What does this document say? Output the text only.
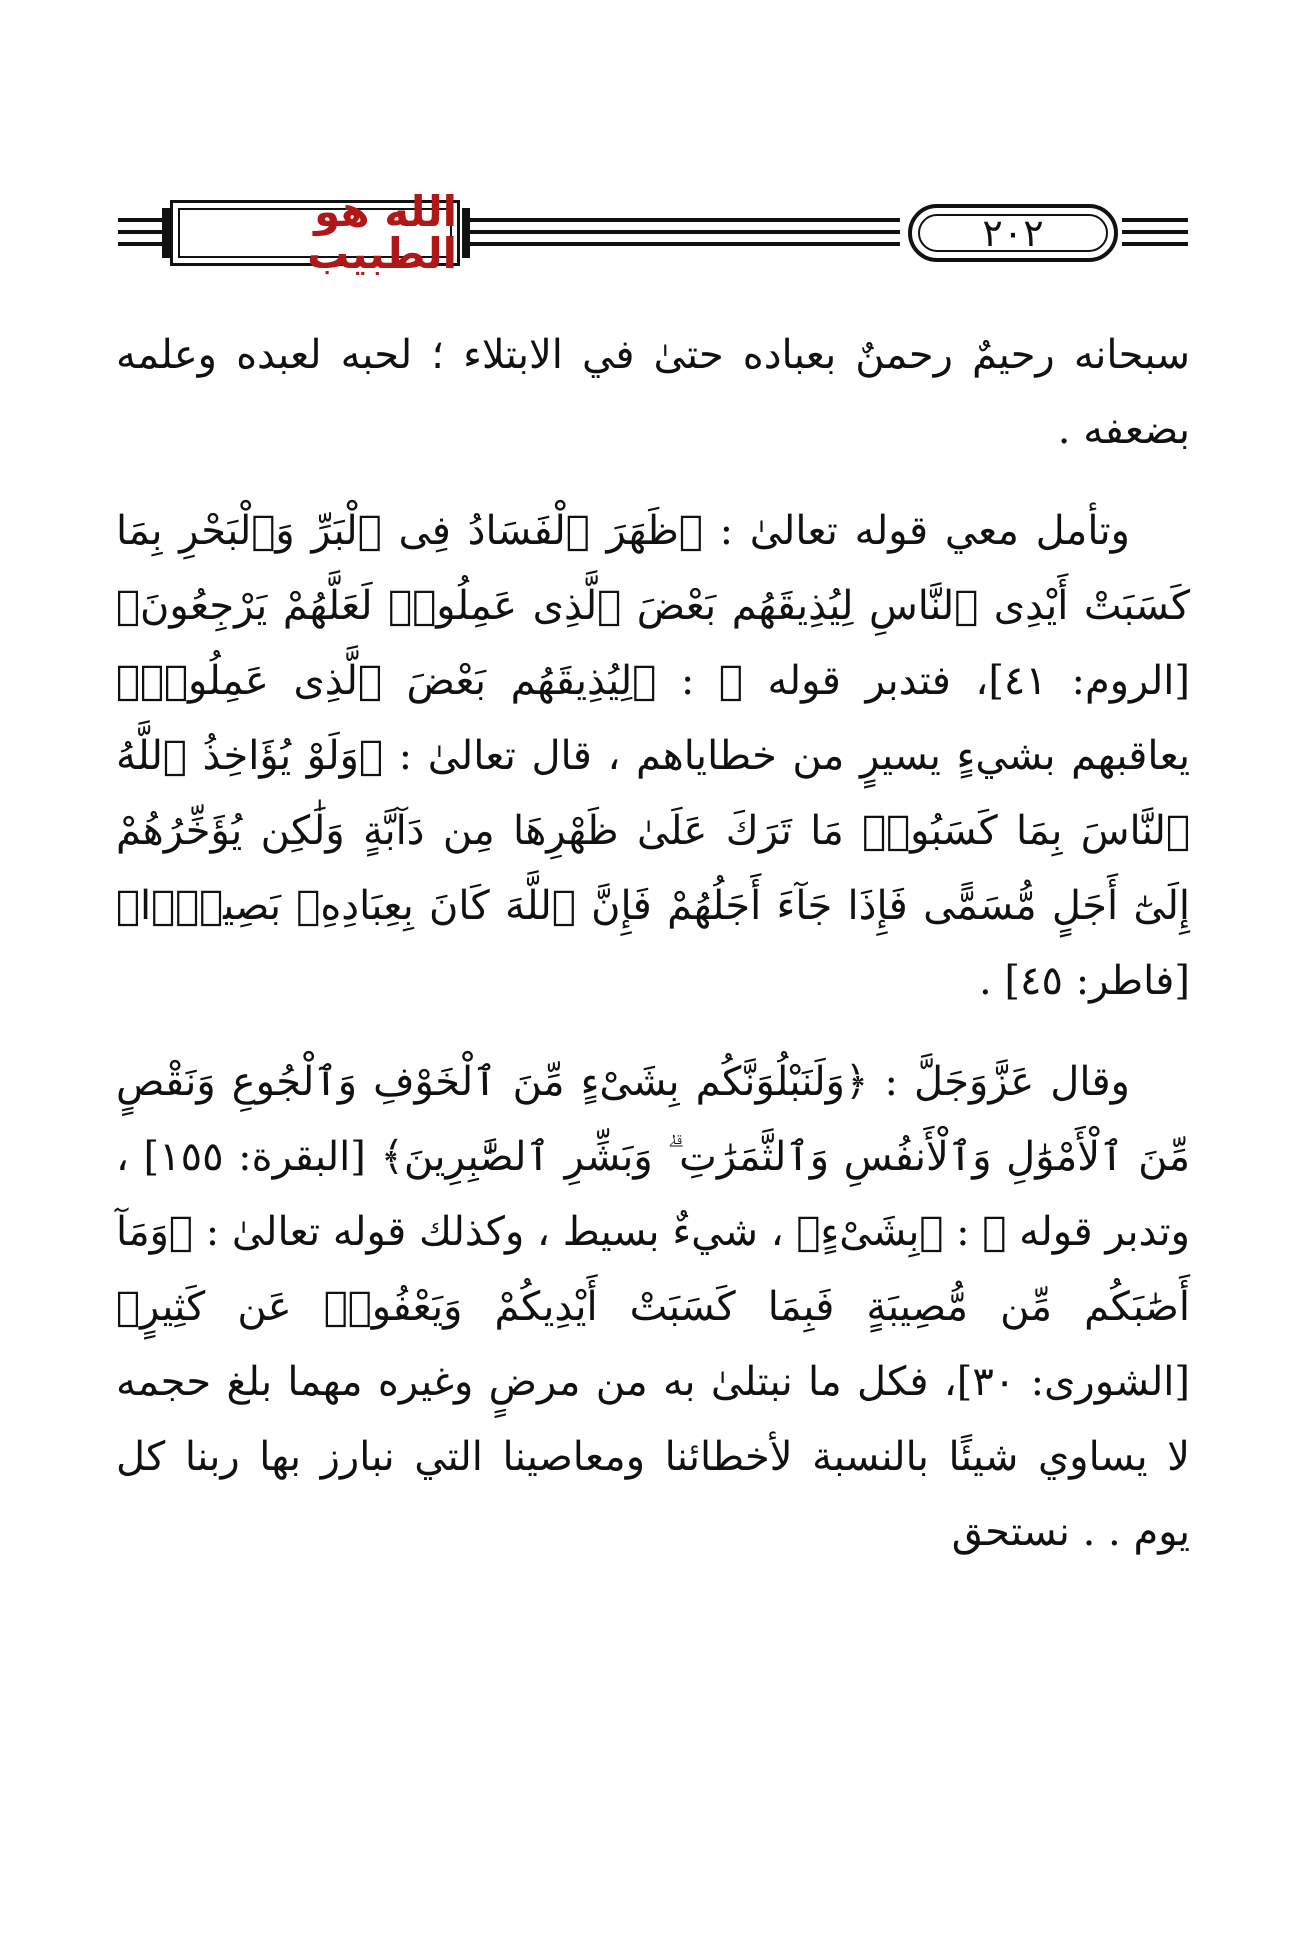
الله هو الطبيب	٢٠٢

سبحانه رحيمٌ رحمنٌ بعباده حتىٰ في الابتلاء ؛ لحبه لعبده وعلمه بضعفه .

وتأمل معي قوله تعالىٰ : ﴿ظَهَرَ ٱلْفَسَادُ فِى ٱلْبَرِّ وَٱلْبَحْرِ بِمَا كَسَبَتْ أَيْدِى ٱلنَّاسِ لِيُذِيقَهُم بَعْضَ ٱلَّذِى عَمِلُوا۟ لَعَلَّهُمْ يَرْجِعُونَ﴾ [الروم: ٤١]، فتدبر قوله ﷻ : ﴿لِيُذِيقَهُم بَعْضَ ٱلَّذِى عَمِلُوا۟﴾ يعاقبهم بشيءٍ يسيرٍ من خطاياهم ، قال تعالىٰ : ﴿وَلَوْ يُؤَاخِذُ ٱللَّهُ ٱلنَّاسَ بِمَا كَسَبُوا۟ مَا تَرَكَ عَلَىٰ ظَهْرِهَا مِن دَآبَّةٍ وَلَٰكِن يُؤَخِّرُهُمْ إِلَىٰٓ أَجَلٍ مُّسَمًّى فَإِذَا جَآءَ أَجَلُهُمْ فَإِنَّ ٱللَّهَ كَانَ بِعِبَادِهِۦ بَصِيرًۢا﴾ [فاطر: ٤٥] .

وقال عَزَّوَجَلَّ : ﴿وَلَنَبْلُوَنَّكُم بِشَىْءٍ مِّنَ ٱلْخَوْفِ وَٱلْجُوعِ وَنَقْصٍ مِّنَ ٱلْأَمْوَٰلِ وَٱلْأَنفُسِ وَٱلثَّمَرَٰتِ ۗ وَبَشِّرِ ٱلصَّٰبِرِينَ﴾ [البقرة: ١٥٥] ، وتدبر قوله ﷻ : ﴿بِشَىْءٍ﴾ ، شيءٌ بسيط ، وكذلك قوله تعالىٰ : ﴿وَمَآ أَصَٰبَكُم مِّن مُّصِيبَةٍ فَبِمَا كَسَبَتْ أَيْدِيكُمْ وَيَعْفُوا۟ عَن كَثِيرٍ﴾ [الشورى: ٣٠]، فكل ما نبتلىٰ به من مرضٍ وغيره مهما بلغ حجمه لا يساوي شيئًا بالنسبة لأخطائنا ومعاصينا التي نبارز بها ربنا كل يوم . . نستحق
